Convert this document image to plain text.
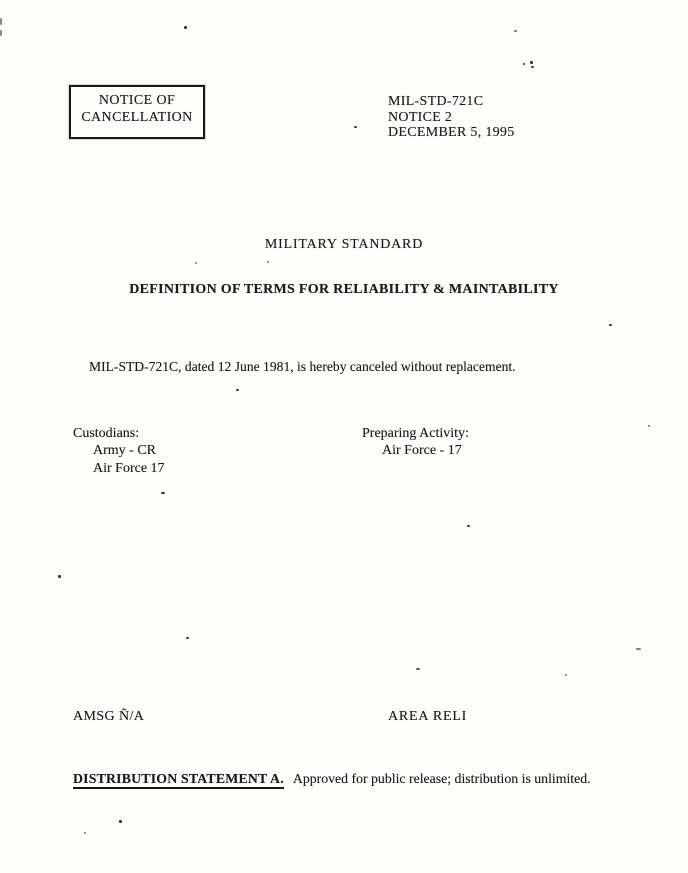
NOTICE OF
CANCELLATION
MIL-STD-721C
NOTICE 2
DECEMBER 5, 1995
MILITARY STANDARD
DEFINITION OF TERMS FOR RELIABILITY & MAINTABILITY
MIL-STD-721C, dated 12 June 1981, is hereby canceled without replacement.
Custodians:
Army - CR
Air Force 17
Preparing Activity:
Air Force - 17
AMSG Ñ/A	AREA RELI
DISTRIBUTION STATEMENT A. Approved for public release; distribution is unlimited.
